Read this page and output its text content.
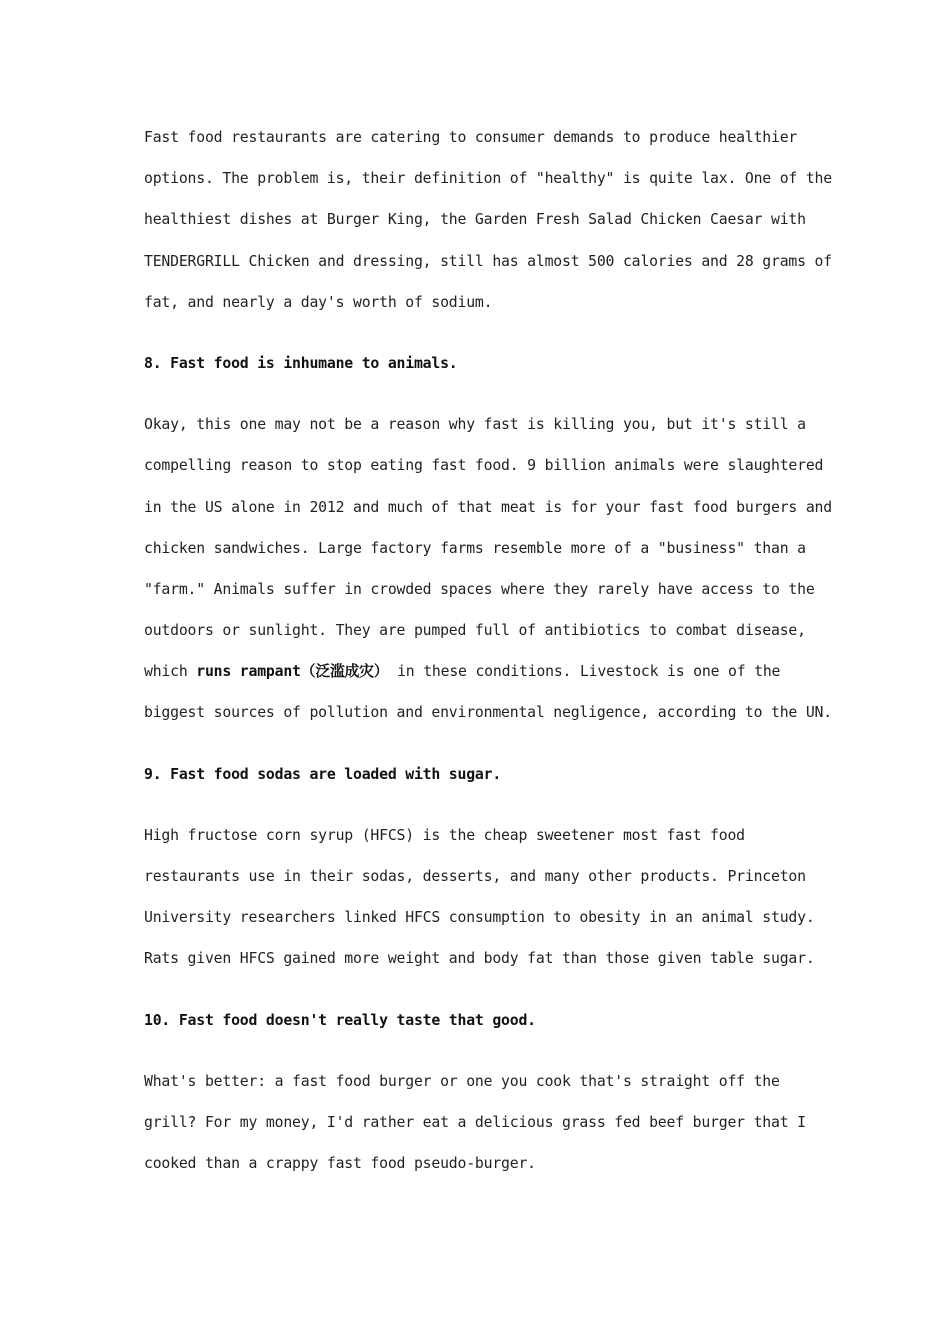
Fast food restaurants are catering to consumer demands to produce healthier
options. The problem is, their definition of "healthy" is quite lax. One of the
healthiest dishes at Burger King, the Garden Fresh Salad Chicken Caesar with
TENDERGRILL Chicken and dressing, still has almost 500 calories and 28 grams of
fat, and nearly a day's worth of sodium.
8. Fast food is inhumane to animals.
Okay, this one may not be a reason why fast is killing you, but it's still a
compelling reason to stop eating fast food. 9 billion animals were slaughtered
in the US alone in 2012 and much of that meat is for your fast food burgers and
chicken sandwiches. Large factory farms resemble more of a "business" than a
"farm." Animals suffer in crowded spaces where they rarely have access to the
outdoors or sunlight. They are pumped full of antibiotics to combat disease,
which runs rampant（泛滥成灾） in these conditions. Livestock is one of the
biggest sources of pollution and environmental negligence, according to the UN.
9. Fast food sodas are loaded with sugar.
High fructose corn syrup (HFCS) is the cheap sweetener most fast food
restaurants use in their sodas, desserts, and many other products. Princeton
University researchers linked HFCS consumption to obesity in an animal study.
Rats given HFCS gained more weight and body fat than those given table sugar.
10. Fast food doesn't really taste that good.
What's better: a fast food burger or one you cook that's straight off the
grill? For my money, I'd rather eat a delicious grass fed beef burger that I
cooked than a crappy fast food pseudo-burger.
